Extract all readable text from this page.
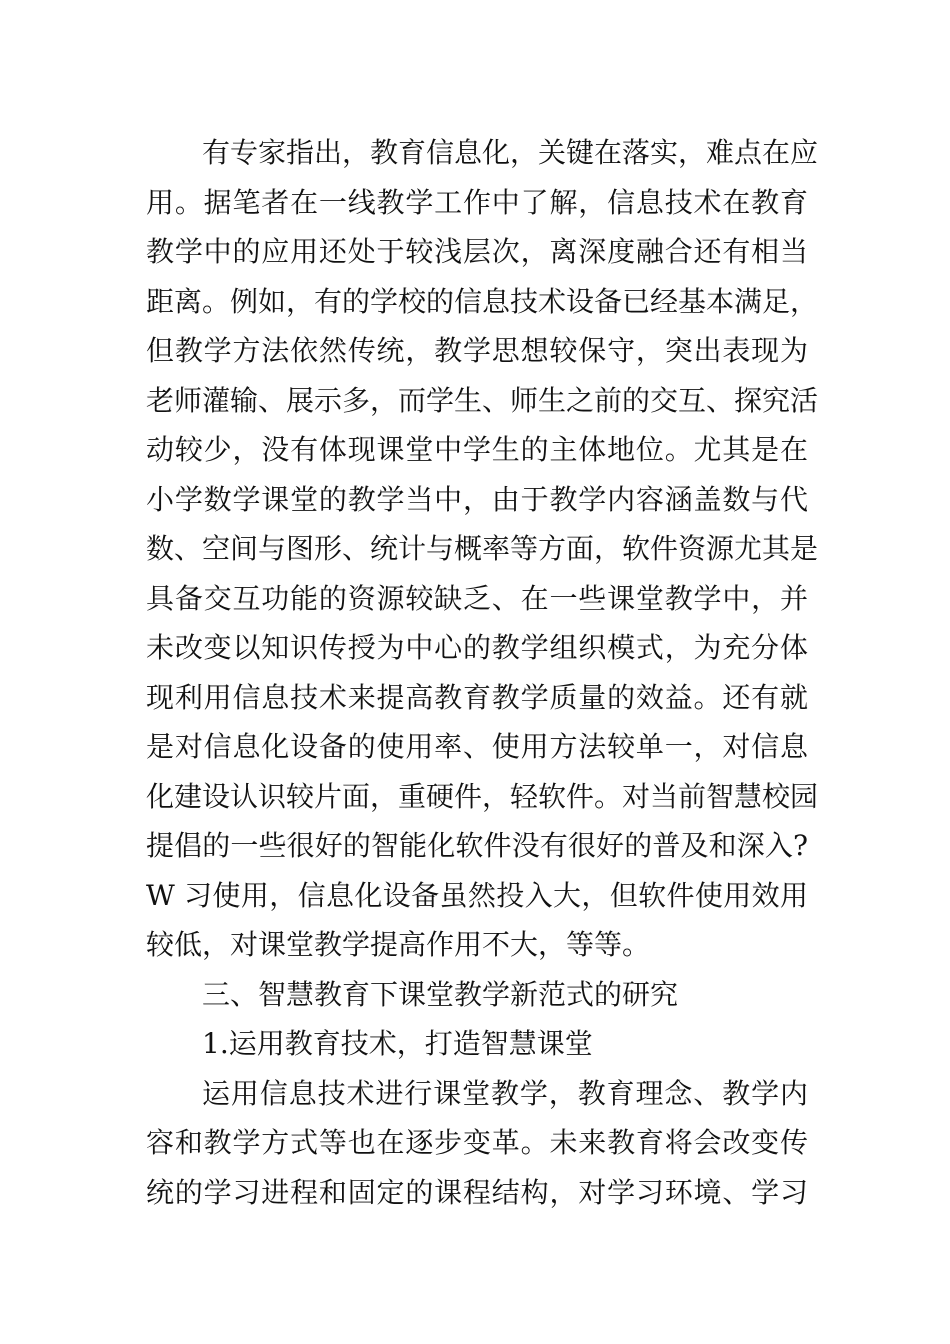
有专家指出，教育信息化，关键在落实，难点在应
用。据笔者在一线教学工作中了解，信息技术在教育
教学中的应用还处于较浅层次，离深度融合还有相当
距离。例如，有的学校的信息技术设备已经基本满足，
但教学方法依然传统，教学思想较保守，突出表现为
老师灌输、展示多，而学生、师生之前的交互、探究活
动较少，没有体现课堂中学生的主体地位。尤其是在
小学数学课堂的教学当中，由于教学内容涵盖数与代
数、空间与图形、统计与概率等方面，软件资源尤其是
具备交互功能的资源较缺乏、在一些课堂教学中，并
未改变以知识传授为中心的教学组织模式，为充分体
现利用信息技术来提高教育教学质量的效益。还有就
是对信息化设备的使用率、使用方法较单一，对信息
化建设认识较片面，重硬件，轻软件。对当前智慧校园
提倡的一些很好的智能化软件没有很好的普及和深入?
W 习使用，信息化设备虽然投入大，但软件使用效用
较低，对课堂教学提高作用不大，等等。
三、智慧教育下课堂教学新范式的研究
1.运用教育技术，打造智慧课堂
运用信息技术进行课堂教学，教育理念、教学内
容和教学方式等也在逐步变革。未来教育将会改变传
统的学习进程和固定的课程结构，对学习环境、学习
